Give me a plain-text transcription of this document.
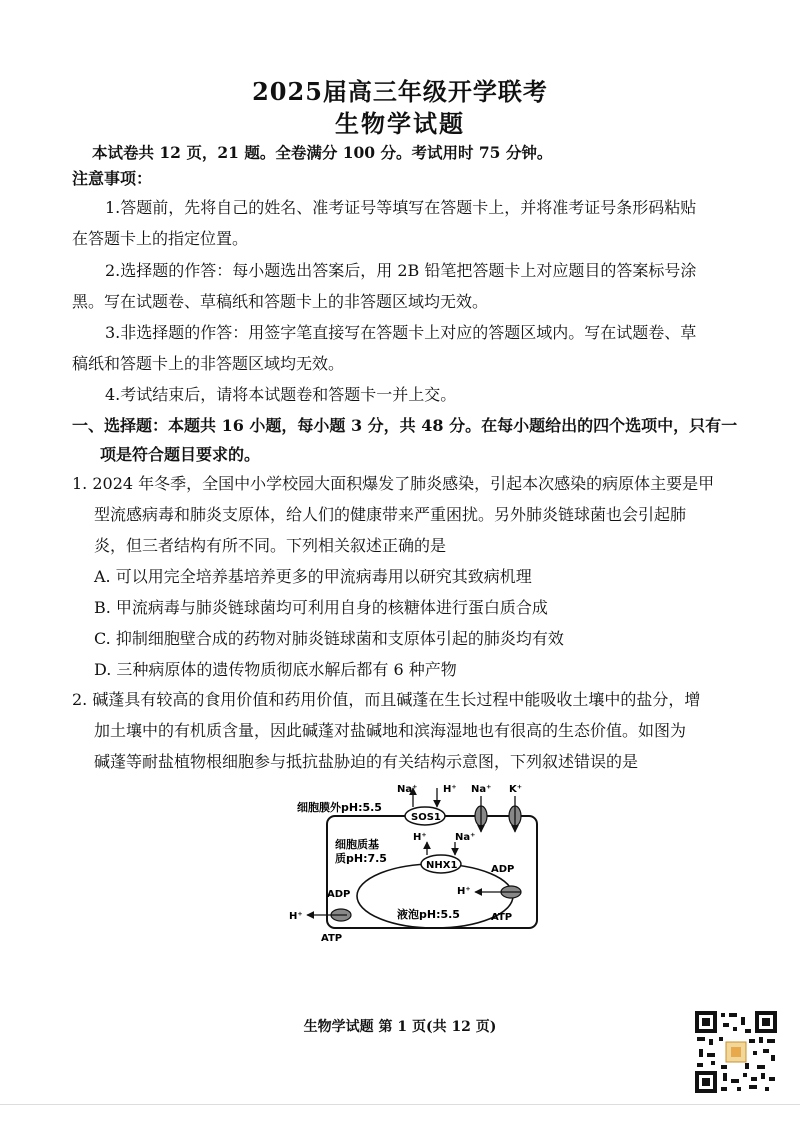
2025届高三年级开学联考
生物学试题
本试卷共 12 页，21 题。全卷满分 100 分。考试用时 75 分钟。
注意事项：
1.答题前，先将自己的姓名、准考证号等填写在答题卡上，并将准考证号条形码粘贴
在答题卡上的指定位置。
2.选择题的作答：每小题选出答案后，用 2B 铅笔把答题卡上对应题目的答案标号涂
黑。写在试题卷、草稿纸和答题卡上的非答题区域均无效。
3.非选择题的作答：用签字笔直接写在答题卡上对应的答题区域内。写在试题卷、草
稿纸和答题卡上的非答题区域均无效。
4.考试结束后，请将本试题卷和答题卡一并上交。
一、选择题：本题共 16 小题，每小题 3 分，共 48 分。在每小题给出的四个选项中，只有一
项是符合题目要求的。
1. 2024 年冬季，全国中小学校园大面积爆发了肺炎感染，引起本次感染的病原体主要是甲
型流感病毒和肺炎支原体，给人们的健康带来严重困扰。另外肺炎链球菌也会引起肺
炎，但三者结构有所不同。下列相关叙述正确的是
A. 可以用完全培养基培养更多的甲流病毒用以研究其致病机理
B. 甲流病毒与肺炎链球菌均可利用自身的核糖体进行蛋白质合成
C. 抑制细胞壁合成的药物对肺炎链球菌和支原体引起的肺炎均有效
D. 三种病原体的遗传物质彻底水解后都有 6 种产物
2. 碱蓬具有较高的食用价值和药用价值，而且碱蓬在生长过程中能吸收土壤中的盐分，增
加土壤中的有机质含量，因此碱蓬对盐碱地和滨海湿地也有很高的生态价值。如图为
碱蓬等耐盐植物根细胞参与抵抗盐胁迫的有关结构示意图，下列叙述错误的是
细胞膜外pH:5.5
细胞质基
质pH:7.5
液泡pH:5.5
SOS1
Na⁺	H⁺ Na⁺ K⁺
NHX1
H⁺	Na⁺
ADP
ATP
H⁺
ADP
ATP
H⁺
生物学试题 第 1 页(共 12 页)
